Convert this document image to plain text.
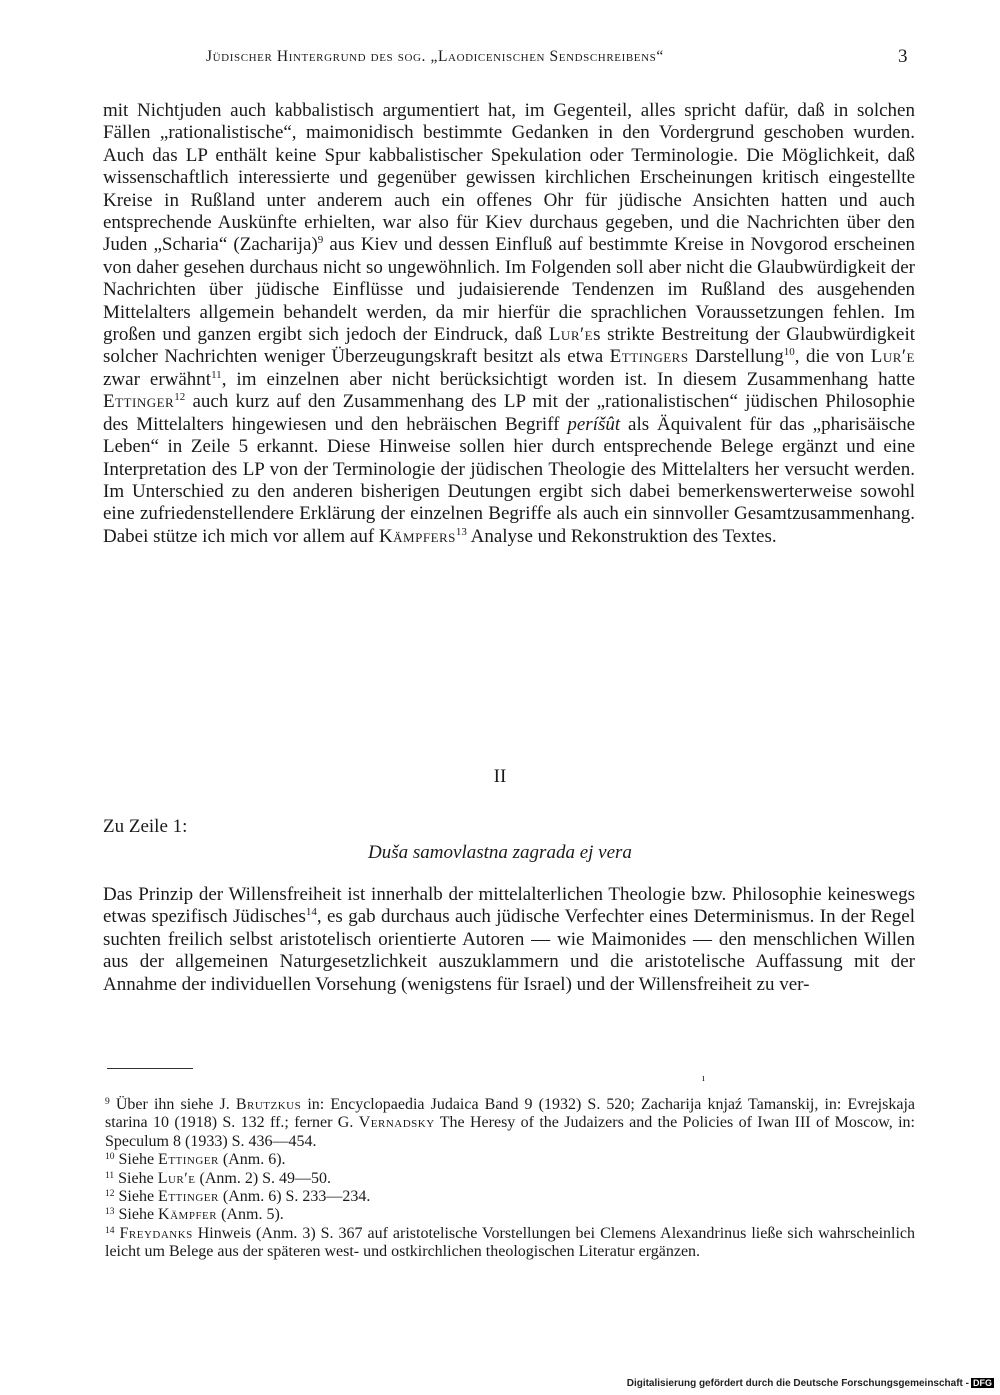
Jüdischer Hintergrund des sog. „Laodicenischen Sendschreibens“	3

mit Nichtjuden auch kabbalistisch argumentiert hat, im Gegenteil, alles spricht dafür, daß in solchen Fällen „rationalistische“, maimonidisch bestimmte Gedanken in den Vordergrund geschoben wurden. Auch das LP enthält keine Spur kabbalistischer Spekulation oder Terminologie. Die Möglichkeit, daß wissenschaftlich interessierte und gegenüber gewissen kirchlichen Erscheinungen kritisch eingestellte Kreise in Rußland unter anderem auch ein offenes Ohr für jüdische Ansichten hatten und auch entsprechende Auskünfte erhielten, war also für Kiev durchaus gegeben, und die Nachrichten über den Juden „Scharia“ (Zacharija)$^9$ aus Kiev und dessen Einfluß auf bestimmte Kreise in Novgorod erscheinen von daher gesehen durchaus nicht so ungewöhnlich. Im Folgenden soll aber nicht die Glaubwürdigkeit der Nachrichten über jüdische Einflüsse und judaisierende Tendenzen im Rußland des ausgehenden Mittelalters allgemein behandelt werden, da mir hierfür die sprachlichen Voraussetzungen fehlen. Im großen und ganzen ergibt sich jedoch der Eindruck, daß Lurʹes strikte Bestreitung der Glaubwürdigkeit solcher Nachrichten weniger Überzeugungskraft besitzt als etwa Ettingers Darstellung$^{10}$, die von Lurʹe zwar erwähnt$^{11}$, im einzelnen aber nicht berücksichtigt worden ist. In diesem Zusammenhang hatte Ettinger$^{12}$ auch kurz auf den Zusammenhang des LP mit der „rationalistischen“ jüdischen Philosophie des Mittelalters hingewiesen und den hebräischen Begriff períšût als Äquivalent für das „pharisäische Leben“ in Zeile 5 erkannt. Diese Hinweise sollen hier durch entsprechende Belege ergänzt und eine Interpretation des LP von der Terminologie der jüdischen Theologie des Mittelalters her versucht werden. Im Unterschied zu den anderen bisherigen Deutungen ergibt sich dabei bemerkenswerterweise sowohl eine zufriedenstellendere Erklärung der einzelnen Begriffe als auch ein sinnvoller Gesamtzusammenhang. Dabei stütze ich mich vor allem auf Kämpfers$^{13}$ Analyse und Rekonstruktion des Textes.

II
Zu Zeile 1:
Duša samovlastna zagrada ej vera

Das Prinzip der Willensfreiheit ist innerhalb der mittelalterlichen Theologie bzw. Philosophie keineswegs etwas spezifisch Jüdisches$^{14}$, es gab durchaus auch jüdische Verfechter eines Determinismus. In der Regel suchten freilich selbst aristotelisch orientierte Autoren — wie Maimonides — den menschlichen Willen aus der allgemeinen Naturgesetzlichkeit auszuklammern und die aristotelische Auffassung mit der Annahme der individuellen Vorsehung (wenigstens für Israel) und der Willensfreiheit zu ver-

ı

$^9$ Über ihn siehe J. Brutzkus in: Encyclopaedia Judaica Band 9 (1932) S. 520; Zacharija knjaź Tamanskij, in: Evrejskaja starina 10 (1918) S. 132 ff.; ferner G. Vernadsky The Heresy of the Judaizers and the Policies of Iwan III of Moscow, in: Speculum 8 (1933) S. 436—454.

$^{10}$ Siehe Ettinger (Anm. 6).

$^{11}$ Siehe Lurʹe (Anm. 2) S. 49—50.

$^{12}$ Siehe Ettinger (Anm. 6) S. 233—234.

$^{13}$ Siehe Kämpfer (Anm. 5).

$^{14}$ Freydanks Hinweis (Anm. 3) S. 367 auf aristotelische Vorstellungen bei Clemens Alexandrinus ließe sich wahrscheinlich leicht um Belege aus der späteren west- und ostkirchlichen theologischen Literatur ergänzen.

Digitalisierung gefördert durch die Deutsche Forschungsgemeinschaft - DFG
